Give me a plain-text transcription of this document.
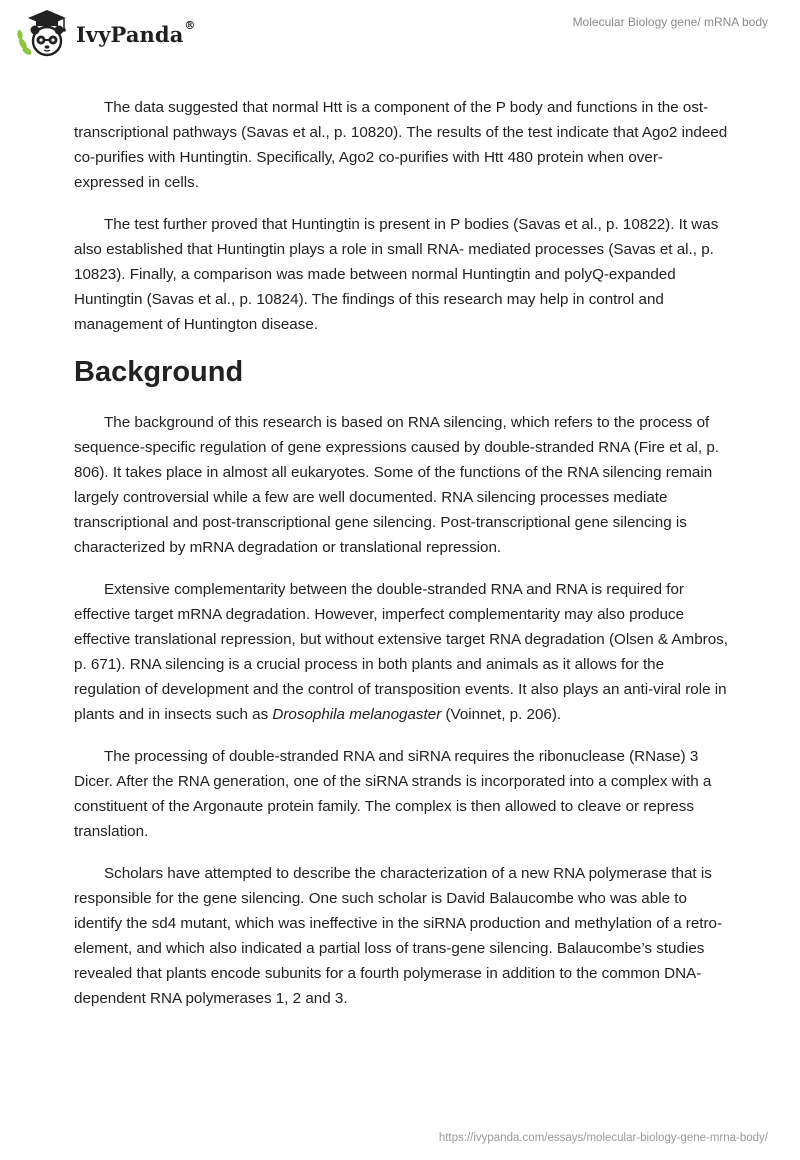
IvyPanda®	Molecular Biology gene/ mRNA body

The data suggested that normal Htt is a component of the P body and functions in the ost-transcriptional pathways (Savas et al., p. 10820). The results of the test indicate that Ago2 indeed co-purifies with Huntingtin. Specifically, Ago2 co-purifies with Htt 480 protein when over-expressed in cells.

The test further proved that Huntingtin is present in P bodies (Savas et al., p. 10822). It was also established that Huntingtin plays a role in small RNA- mediated processes (Savas et al., p. 10823). Finally, a comparison was made between normal Huntingtin and polyQ-expanded Huntingtin (Savas et al., p. 10824). The findings of this research may help in control and management of Huntington disease.

Background

The background of this research is based on RNA silencing, which refers to the process of sequence-specific regulation of gene expressions caused by double-stranded RNA (Fire et al, p. 806). It takes place in almost all eukaryotes. Some of the functions of the RNA silencing remain largely controversial while a few are well documented. RNA silencing processes mediate transcriptional and post-transcriptional gene silencing. Post-transcriptional gene silencing is characterized by mRNA degradation or translational repression.

Extensive complementarity between the double-stranded RNA and RNA is required for effective target mRNA degradation. However, imperfect complementarity may also produce effective translational repression, but without extensive target RNA degradation (Olsen & Ambros, p. 671). RNA silencing is a crucial process in both plants and animals as it allows for the regulation of development and the control of transposition events. It also plays an anti-viral role in plants and in insects such as Drosophila melanogaster (Voinnet, p. 206).

The processing of double-stranded RNA and siRNA requires the ribonuclease (RNase) 3 Dicer. After the RNA generation, one of the siRNA strands is incorporated into a complex with a constituent of the Argonaute protein family. The complex is then allowed to cleave or repress translation.

Scholars have attempted to describe the characterization of a new RNA polymerase that is responsible for the gene silencing. One such scholar is David Balaucombe who was able to identify the sd4 mutant, which was ineffective in the siRNA production and methylation of a retro-element, and which also indicated a partial loss of trans-gene silencing. Balaucombe’s studies revealed that plants encode subunits for a fourth polymerase in addition to the common DNA-dependent RNA polymerases 1, 2 and 3.

https://ivypanda.com/essays/molecular-biology-gene-mrna-body/
